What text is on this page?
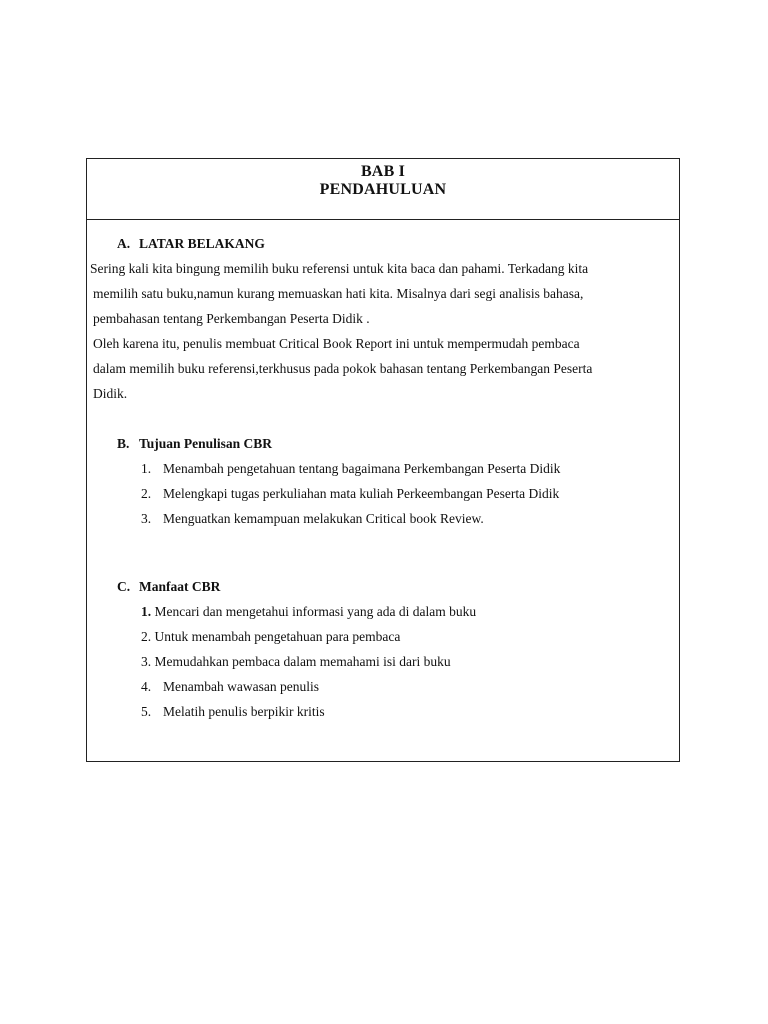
BAB I
PENDAHULUAN
A. LATAR BELAKANG
Sering kali kita bingung memilih buku referensi untuk kita baca dan pahami. Terkadang kita
memilih satu buku,namun kurang memuaskan hati kita. Misalnya dari segi analisis bahasa,
pembahasan tentang Perkembangan Peserta Didik .
Oleh karena itu, penulis membuat Critical Book Report ini untuk mempermudah pembaca
dalam memilih buku referensi,terkhusus pada pokok bahasan tentang Perkembangan Peserta
Didik.
B. Tujuan Penulisan CBR
1. Menambah pengetahuan tentang bagaimana Perkembangan Peserta Didik
2. Melengkapi tugas perkuliahan mata kuliah Perkeembangan Peserta Didik
3. Menguatkan kemampuan melakukan Critical book Review.
C. Manfaat CBR
1. Mencari dan mengetahui informasi yang ada di dalam buku
2. Untuk menambah pengetahuan para pembaca
3. Memudahkan pembaca dalam memahami isi dari buku
4. Menambah wawasan penulis
5. Melatih penulis berpikir kritis
